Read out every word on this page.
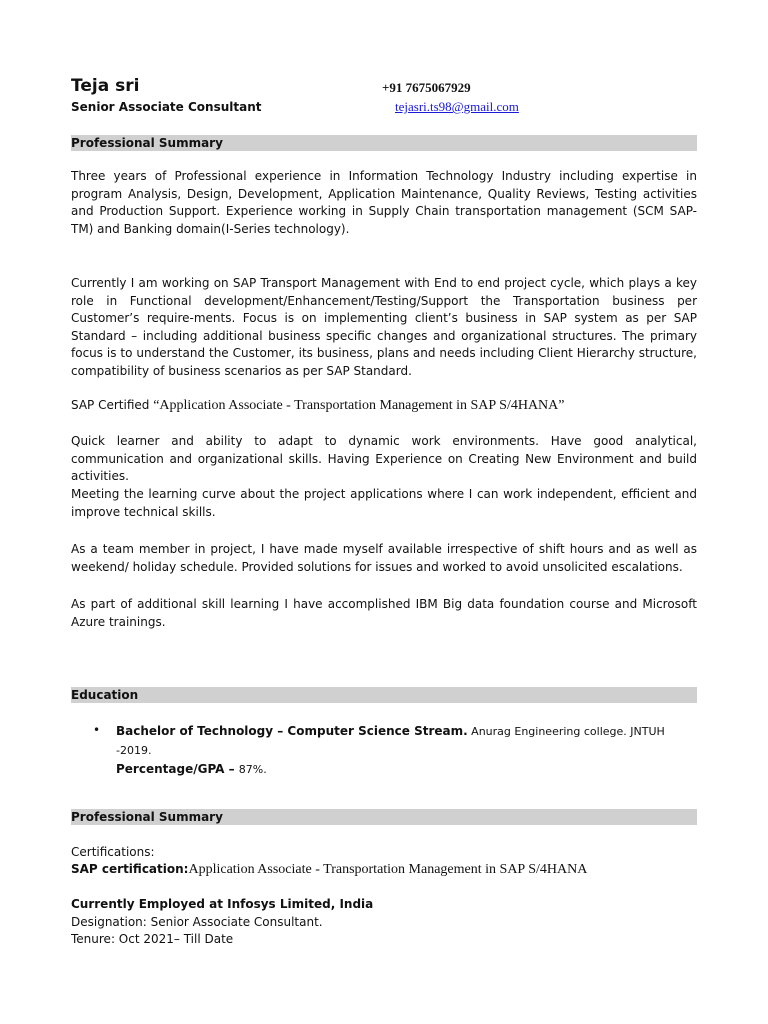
Teja sri
Senior Associate Consultant
+91 7675067929
tejasri.ts98@gmail.com
Professional Summary
Three years of Professional experience in Information Technology Industry including expertise in program Analysis, Design, Development, Application Maintenance, Quality Reviews, Testing activities and Production Support. Experience working in Supply Chain transportation management (SCM SAP-TM) and Banking domain(I-Series technology).
Currently I am working on SAP Transport Management with End to end project cycle, which plays a key role in Functional development/Enhancement/Testing/Support the Transportation business per Customer’s require-ments. Focus is on implementing client’s business in SAP system as per SAP Standard – including additional business specific changes and organizational structures. The primary focus is to understand the Customer, its business, plans and needs including Client Hierarchy structure, compatibility of business scenarios as per SAP Standard.
SAP Certified “Application Associate - Transportation Management in SAP S/4HANA”
Quick learner and ability to adapt to dynamic work environments. Have good analytical, communication and organizational skills. Having Experience on Creating New Environment and build activities.
Meeting the learning curve about the project applications where I can work independent, efficient and improve technical skills.
As a team member in project, I have made myself available irrespective of shift hours and as well as weekend/ holiday schedule. Provided solutions for issues and worked to avoid unsolicited escalations.
As part of additional skill learning I have accomplished IBM Big data foundation course and Microsoft Azure trainings.
Education
• Bachelor of Technology – Computer Science Stream. Anurag Engineering college. JNTUH -2019.
Percentage/GPA – 87%.
Professional Summary
Certifications:
SAP certification:Application Associate - Transportation Management in SAP S/4HANA
Currently Employed at Infosys Limited, India
Designation: Senior Associate Consultant.
Tenure: Oct 2021– Till Date
